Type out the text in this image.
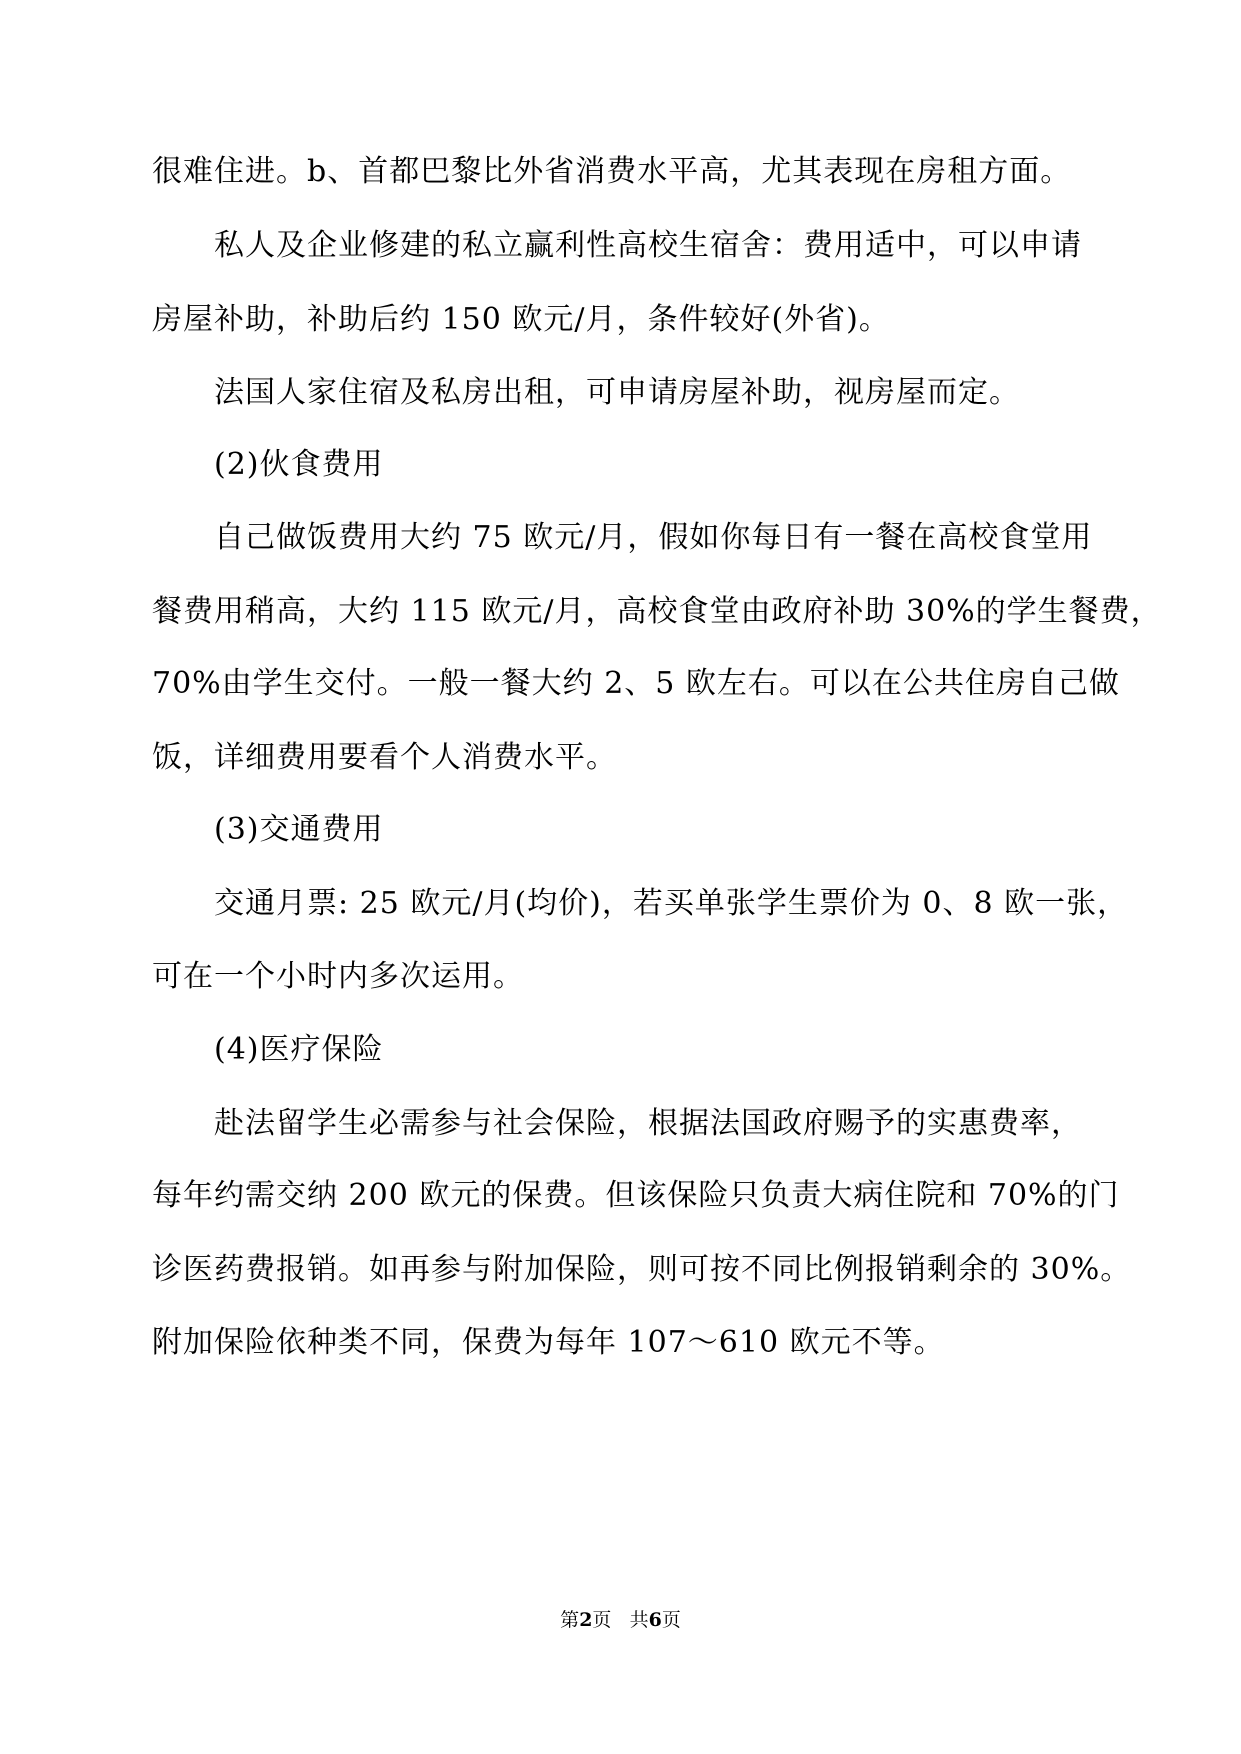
很难住进。b、首都巴黎比外省消费水平高，尤其表现在房租方面。
私人及企业修建的私立赢利性高校生宿舍：费用适中，可以申请
房屋补助，补助后约 150 欧元/月，条件较好(外省)。
法国人家住宿及私房出租，可申请房屋补助，视房屋而定。
(2)伙食费用
自己做饭费用大约 75 欧元/月，假如你每日有一餐在高校食堂用
餐费用稍高，大约 115 欧元/月，高校食堂由政府补助 30%的学生餐费，
70%由学生交付。一般一餐大约 2、5 欧左右。可以在公共住房自己做
饭，详细费用要看个人消费水平。
(3)交通费用
交通月票: 25 欧元/月(均价)，若买单张学生票价为 0、8 欧一张，
可在一个小时内多次运用。
(4)医疗保险
赴法留学生必需参与社会保险，根据法国政府赐予的实惠费率，
每年约需交纳 200 欧元的保费。但该保险只负责大病住院和 70%的门
诊医药费报销。如再参与附加保险，则可按不同比例报销剩余的 30%。
附加保险依种类不同，保费为每年 107～610 欧元不等。
第2页 共6页
